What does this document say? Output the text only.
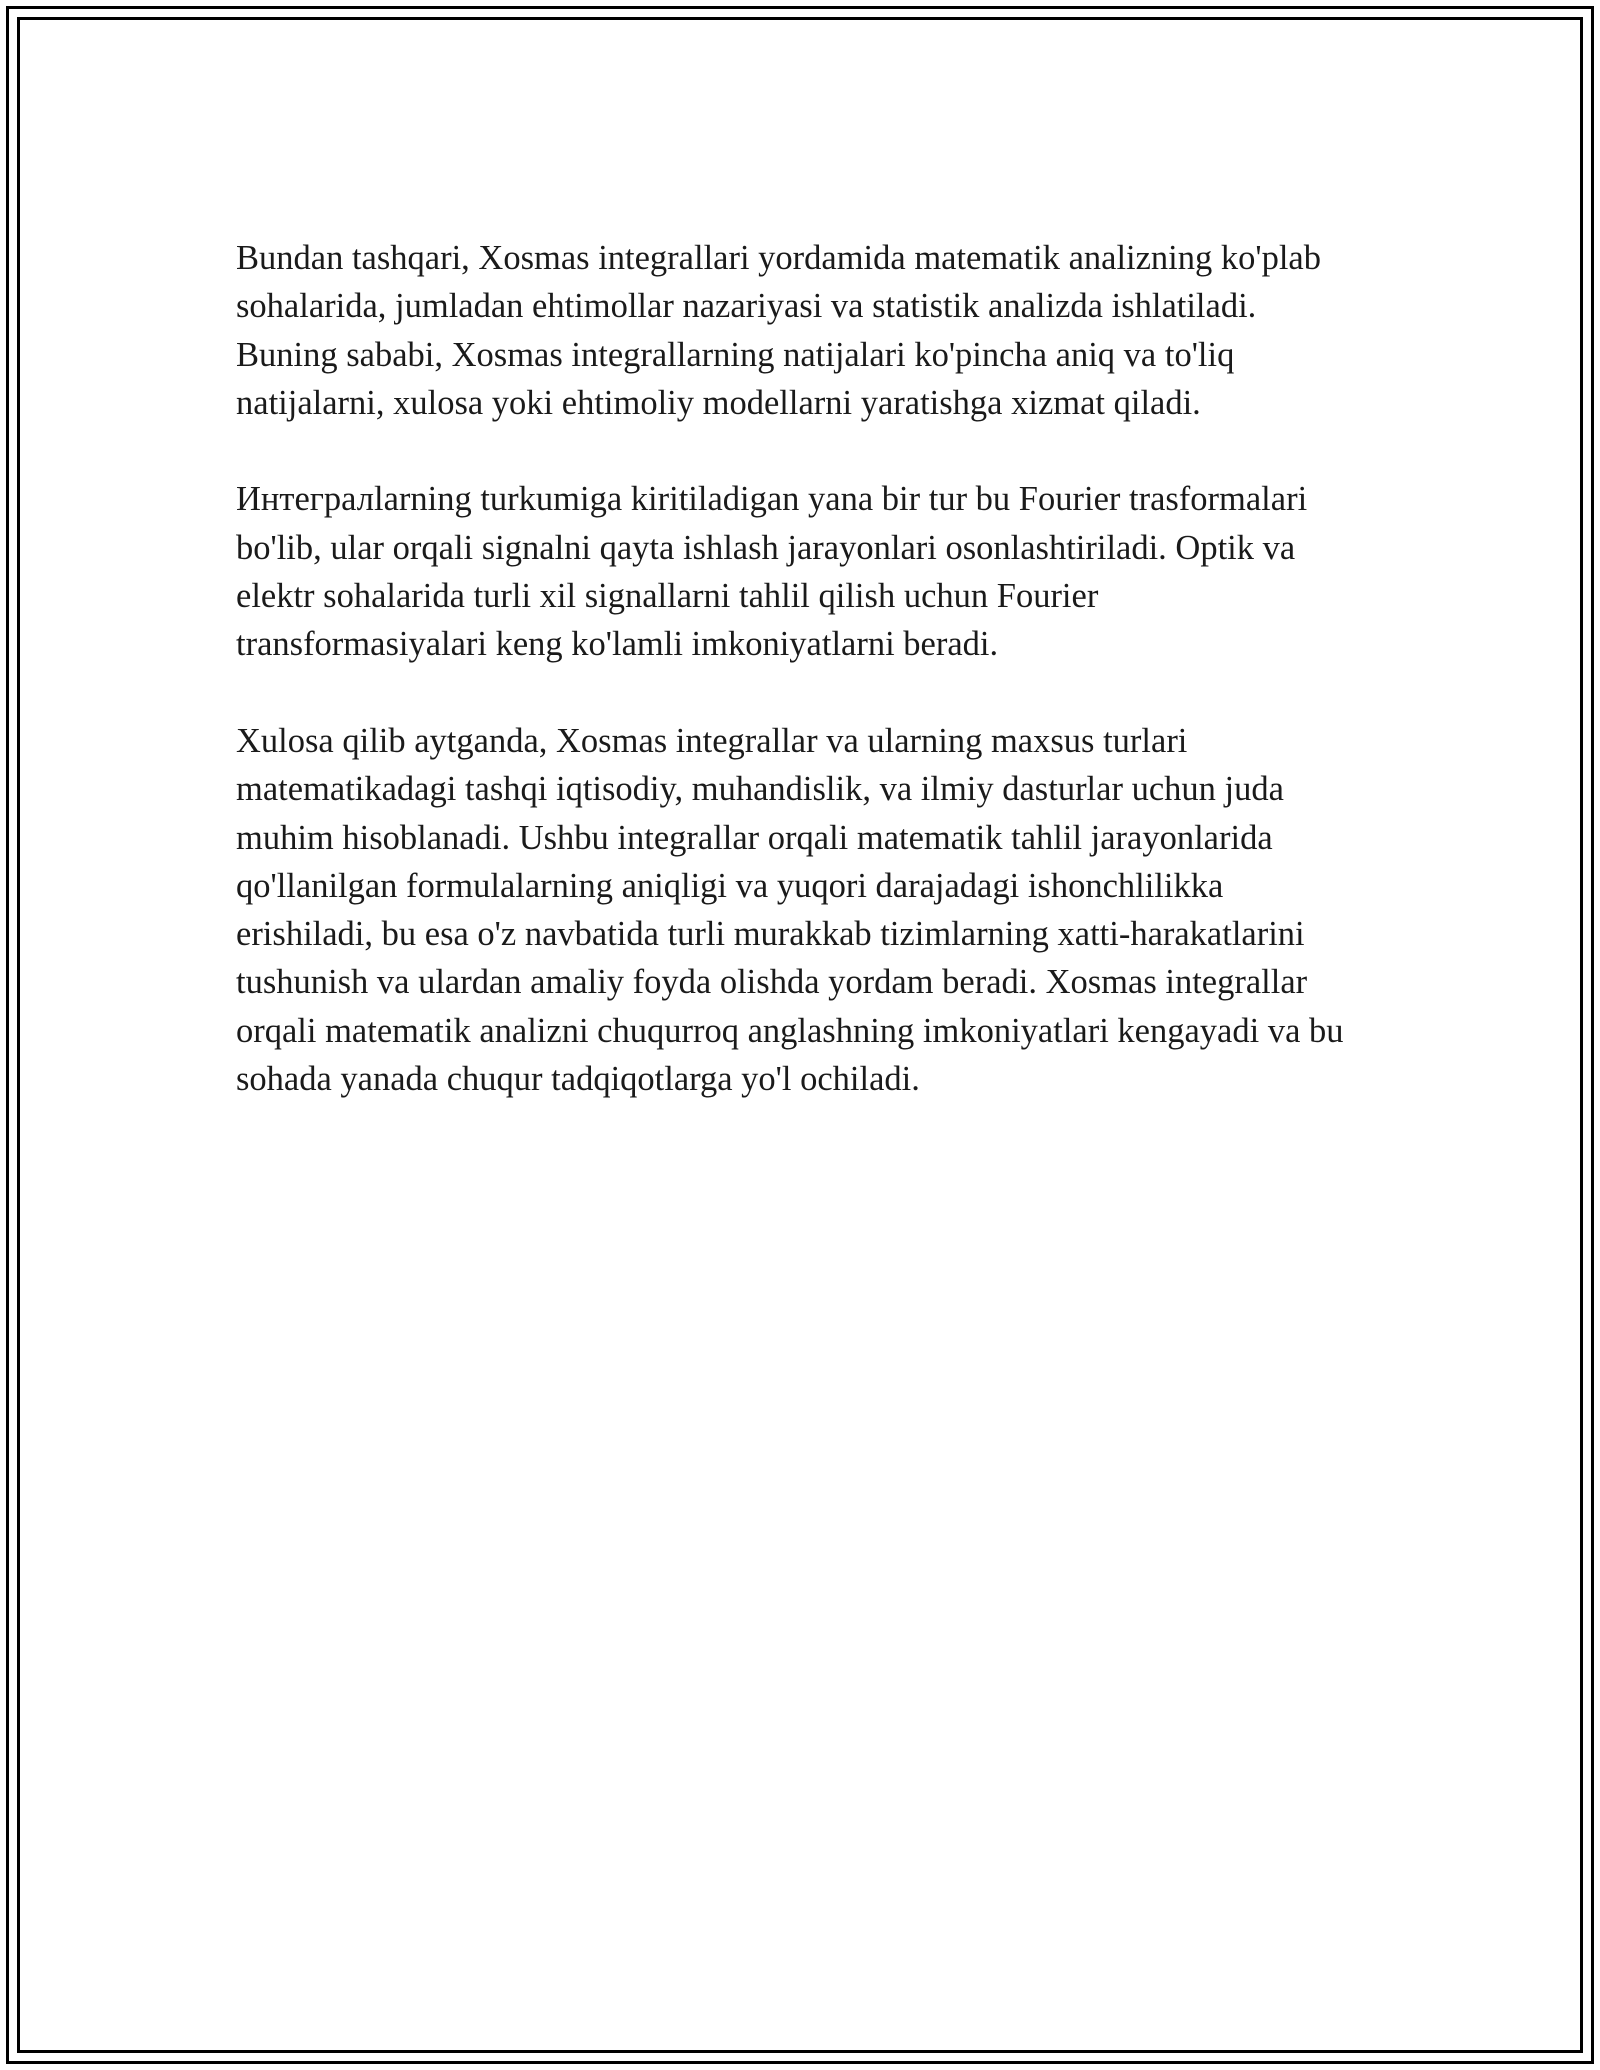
Bundan tashqari, Xosmas integrallari yordamida matematik analizning ko'plab sohalarida, jumladan ehtimollar nazariyasi va statistik analizda ishlatiladi. Buning sababi, Xosmas integrallarning natijalari ko'pincha aniq va to'liq natijalarni, xulosa yoki ehtimoliy modellarni yaratishga xizmat qiladi.

Интегралlarning turkumiga kiritiladigan yana bir tur bu Fourier trasformalari bo'lib, ular orqali signalni qayta ishlash jarayonlari osonlashtiriladi. Optik va elektr sohalarida turli xil signallarni tahlil qilish uchun Fourier transformasiyalari keng ko'lamli imkoniyatlarni beradi.

Xulosa qilib aytganda, Xosmas integrallar va ularning maxsus turlari matematikadagi tashqi iqtisodiy, muhandislik, va ilmiy dasturlar uchun juda muhim hisoblanadi. Ushbu integrallar orqali matematik tahlil jarayonlarida qo'llanilgan formulalarning aniqligi va yuqori darajadagi ishonchlilikka erishiladi, bu esa o'z navbatida turli murakkab tizimlarning xatti-harakatlarini tushunish va ulardan amaliy foyda olishda yordam beradi. Xosmas integrallar orqali matematik analizni chuqurroq anglashning imkoniyatlari kengayadi va bu sohada yanada chuqur tadqiqotlarga yo'l ochiladi.
